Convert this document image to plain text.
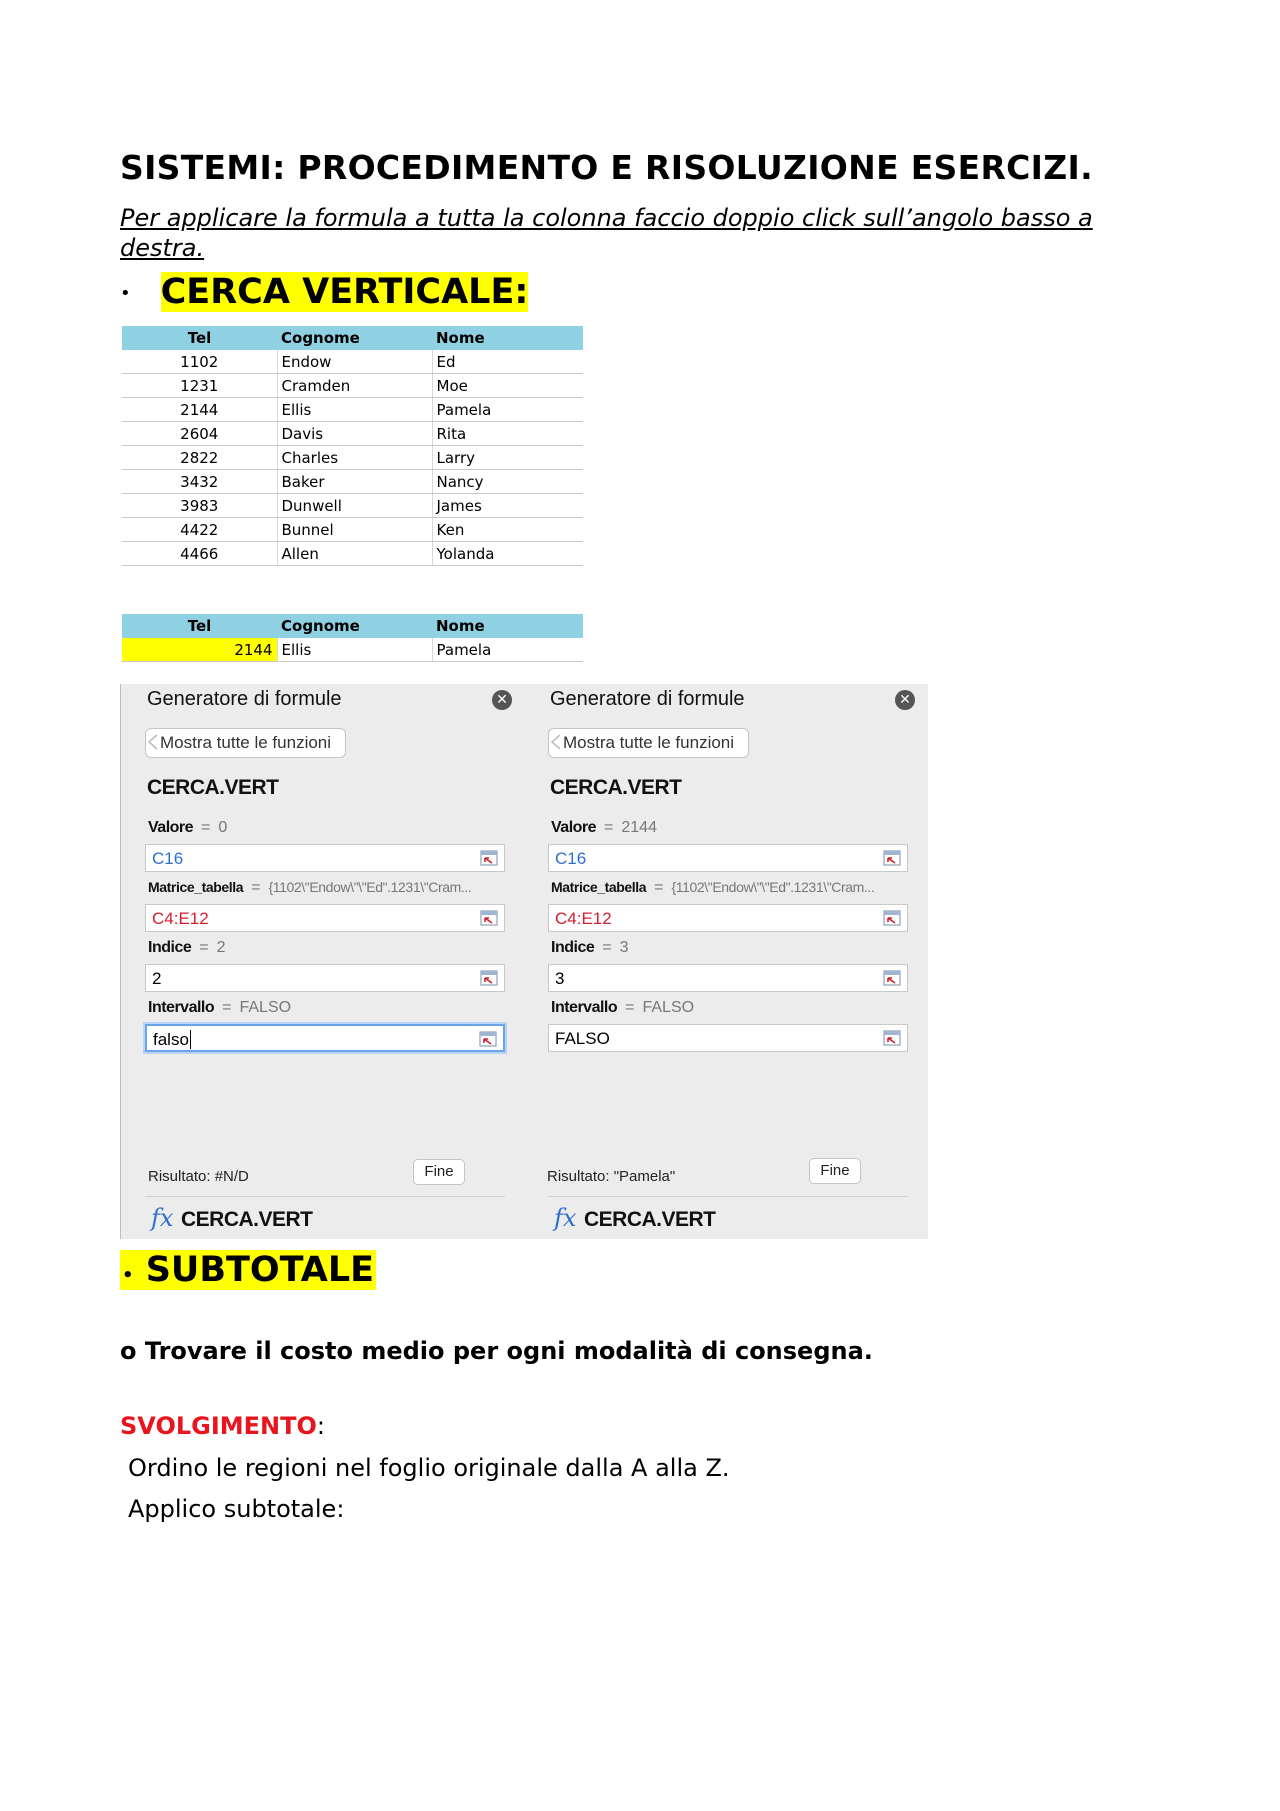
SISTEMI: PROCEDIMENTO E RISOLUZIONE ESERCIZI.
Per applicare la formula a tutta la colonna faccio doppio click sull’angolo basso a destra.
• CERCA VERTICALE:
Tel	Cognome	Nome
1102	Endow	Ed
1231	Cramden	Moe
2144	Ellis	Pamela
2604	Davis	Rita
2822	Charles	Larry
3432	Baker	Nancy
3983	Dunwell	James
4422	Bunnel	Ken
4466	Allen	Yolanda
Tel	Cognome	Nome
2144	Ellis	Pamela
Generatore di formule	✕
Mostra tutte le funzioni
CERCA.VERT
Valore = 0
C16
Matrice_tabella = {1102\"Endow\"\"Ed".1231\"Cram...
C4:E12
Indice = 2
2
Intervallo = FALSO
falso
Risultato: #N/D	Fine
fx CERCA.VERT
Generatore di formule	✕
Mostra tutte le funzioni
CERCA.VERT
Valore = 2144
C16
Matrice_tabella = {1102\"Endow\"\"Ed".1231\"Cram...
C4:E12
Indice = 3
3
Intervallo = FALSO
FALSO
Risultato: "Pamela"	Fine
fx CERCA.VERT
• SUBTOTALE
o Trovare il costo medio per ogni modalità di consegna.
SVOLGIMENTO:
Ordino le regioni nel foglio originale dalla A alla Z.
Applico subtotale:
